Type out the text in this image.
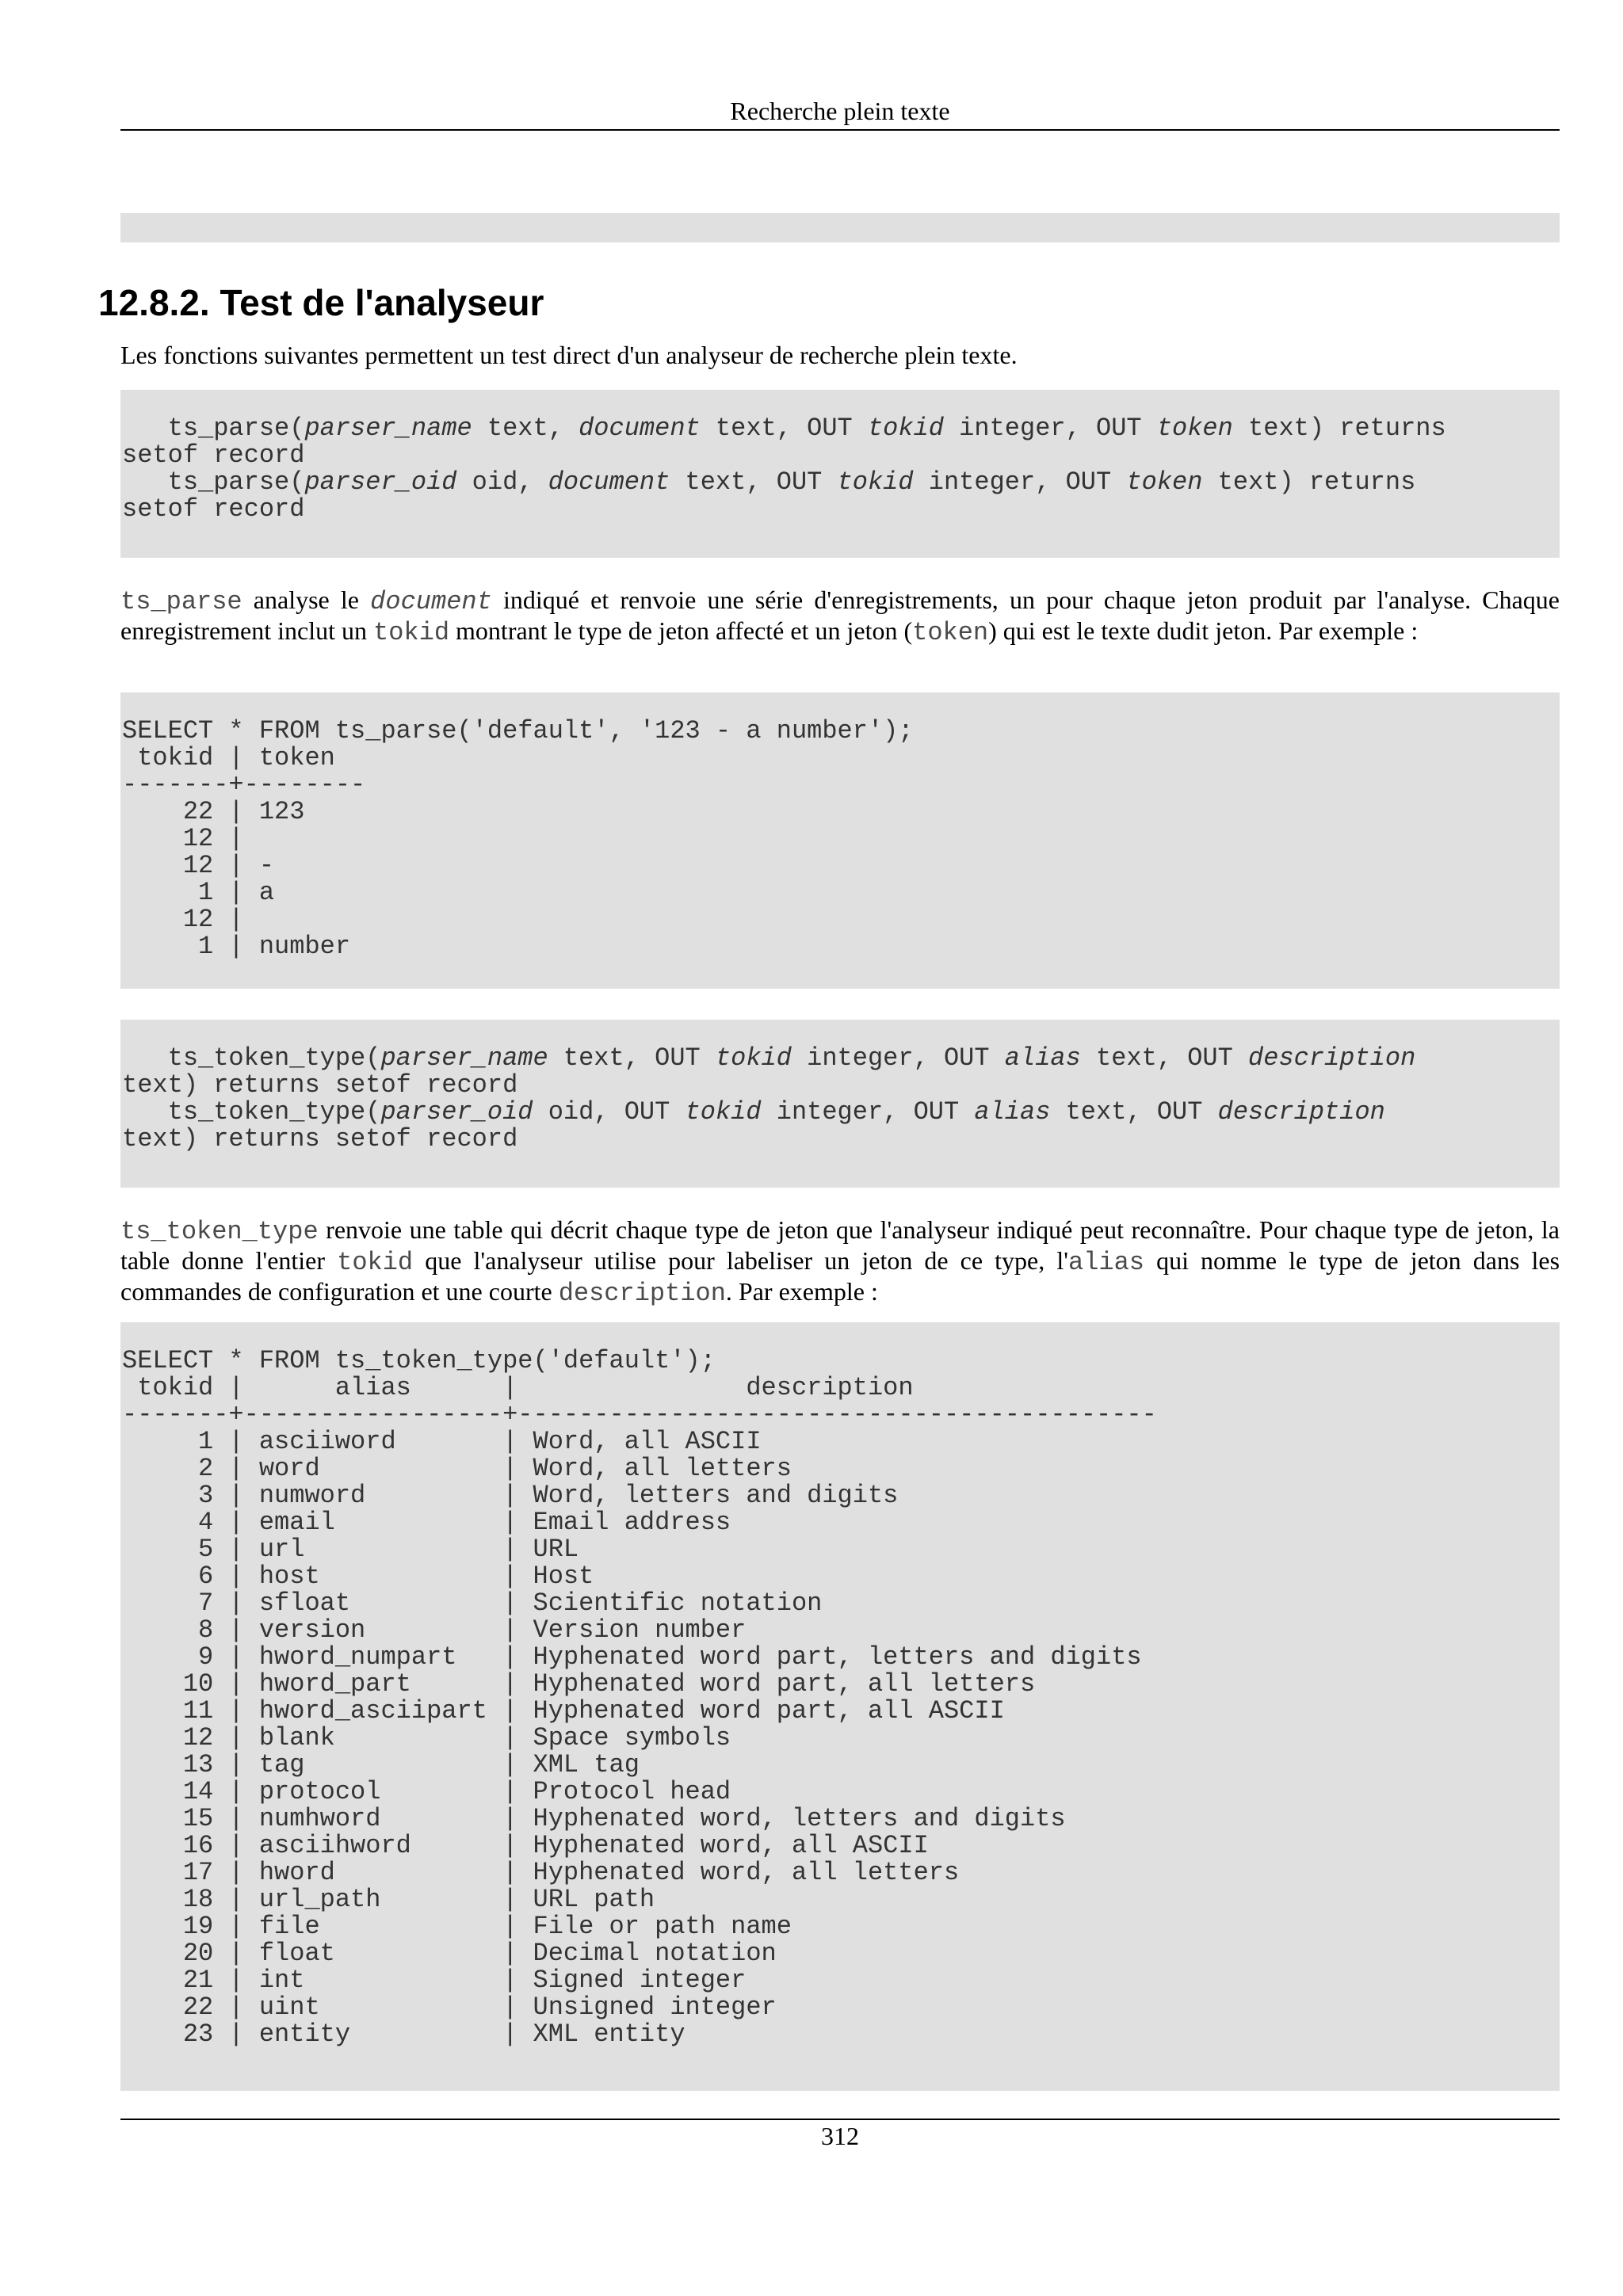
Recherche plein texte
12.8.2. Test de l'analyseur

Les fonctions suivantes permettent un test direct d'un analyseur de recherche plein texte.

ts_parse(parser_name text, document text, OUT tokid integer, OUT token text) returns
setof record
ts_parse(parser_oid oid, document text, OUT tokid integer, OUT token text) returns
setof record

ts_parse analyse le document indiqué et renvoie une série d'enregistrements, un pour chaque jeton produit par l'analyse. Chaque enregistrement inclut un tokid montrant le type de jeton affecté et un jeton (token) qui est le texte dudit jeton. Par exemple :

SELECT * FROM ts_parse('default', '123 - a number');
tokid | token
-------+--------
22 | 123
12 |
12 | -
1 | a
12 |
1 | number
ts_token_type(parser_name text, OUT tokid integer, OUT alias text, OUT description
text) returns setof record
ts_token_type(parser_oid oid, OUT tokid integer, OUT alias text, OUT description
text) returns setof record

ts_token_type renvoie une table qui décrit chaque type de jeton que l'analyseur indiqué peut reconnaître. Pour chaque type de jeton, la table donne l'entier tokid que l'analyseur utilise pour labeliser un jeton de ce type, l'alias qui nomme le type de jeton dans les commandes de configuration et une courte description. Par exemple :

SELECT * FROM ts_token_type('default');
tokid |      alias      |               description
-------+-----------------+------------------------------------------
1 | asciiword       | Word, all ASCII
2 | word            | Word, all letters
3 | numword         | Word, letters and digits
4 | email           | Email address
5 | url             | URL
6 | host            | Host
7 | sfloat          | Scientific notation
8 | version         | Version number
9 | hword_numpart   | Hyphenated word part, letters and digits
10 | hword_part      | Hyphenated word part, all letters
11 | hword_asciipart | Hyphenated word part, all ASCII
12 | blank           | Space symbols
13 | tag             | XML tag
14 | protocol        | Protocol head
15 | numhword        | Hyphenated word, letters and digits
16 | asciihword      | Hyphenated word, all ASCII
17 | hword           | Hyphenated word, all letters
18 | url_path        | URL path
19 | file            | File or path name
20 | float           | Decimal notation
21 | int             | Signed integer
22 | uint            | Unsigned integer
23 | entity          | XML entity
312
